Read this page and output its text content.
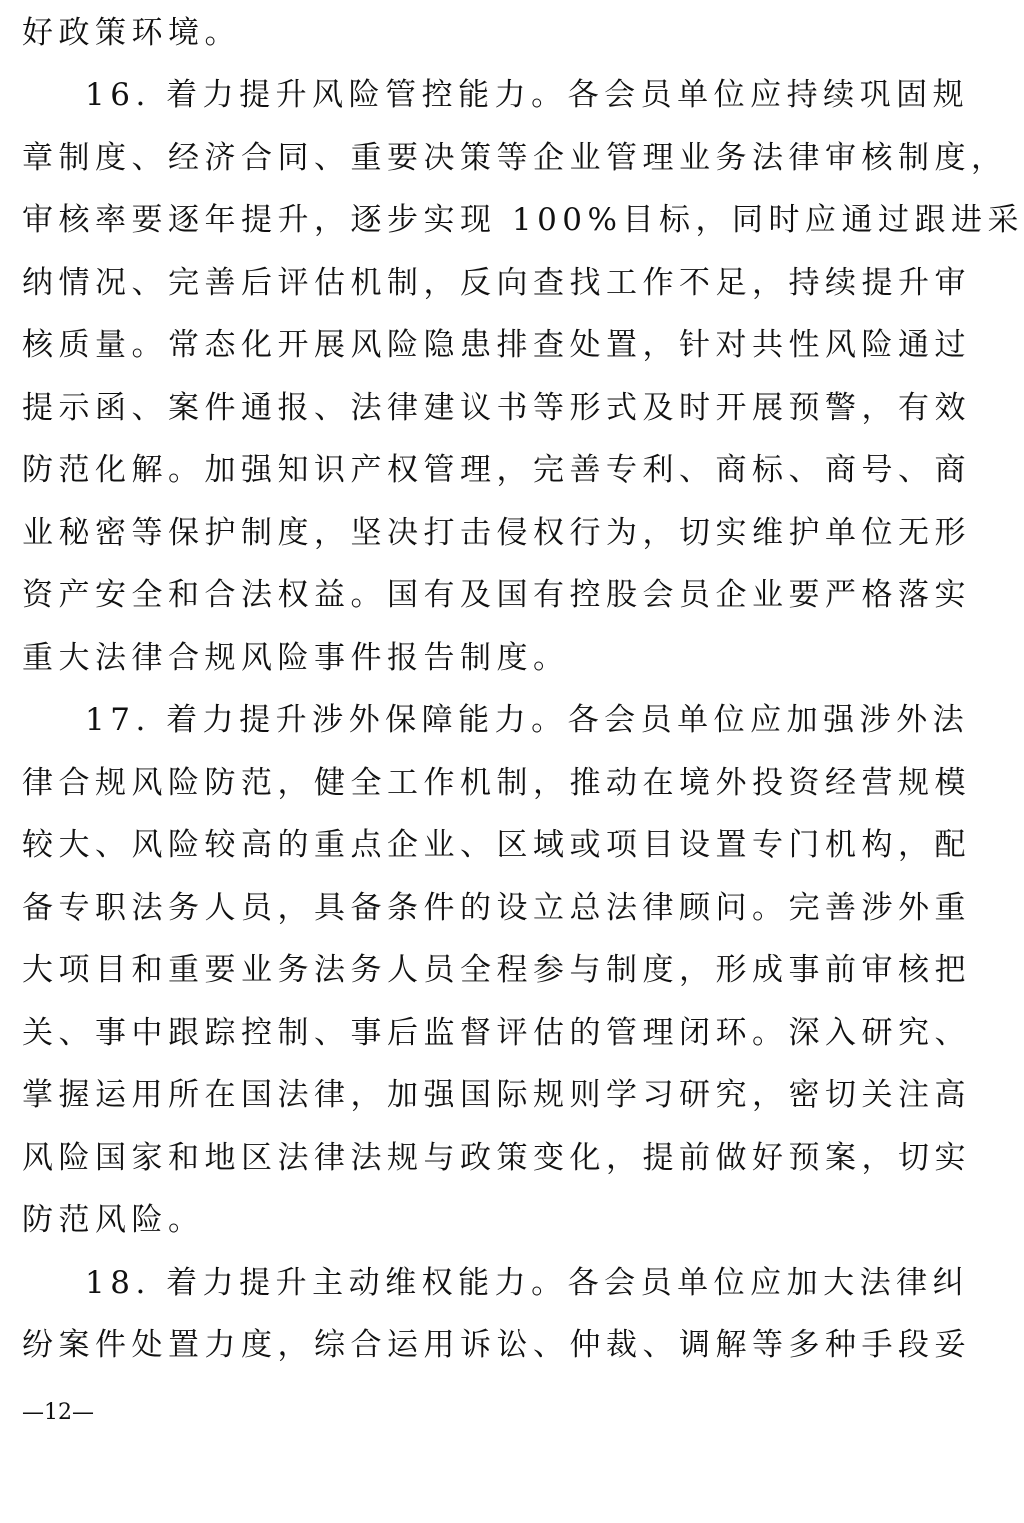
好政策环境。
16. 着力提升风险管控能力。各会员单位应持续巩固规
章制度、经济合同、重要决策等企业管理业务法律审核制度，
审核率要逐年提升，逐步实现 100%目标，同时应通过跟进采
纳情况、完善后评估机制，反向查找工作不足，持续提升审
核质量。常态化开展风险隐患排查处置，针对共性风险通过
提示函、案件通报、法律建议书等形式及时开展预警，有效
防范化解。加强知识产权管理，完善专利、商标、商号、商
业秘密等保护制度，坚决打击侵权行为，切实维护单位无形
资产安全和合法权益。国有及国有控股会员企业要严格落实
重大法律合规风险事件报告制度。
17. 着力提升涉外保障能力。各会员单位应加强涉外法
律合规风险防范，健全工作机制，推动在境外投资经营规模
较大、风险较高的重点企业、区域或项目设置专门机构，配
备专职法务人员，具备条件的设立总法律顾问。完善涉外重
大项目和重要业务法务人员全程参与制度，形成事前审核把
关、事中跟踪控制、事后监督评估的管理闭环。深入研究、
掌握运用所在国法律，加强国际规则学习研究，密切关注高
风险国家和地区法律法规与政策变化，提前做好预案，切实
防范风险。
18. 着力提升主动维权能力。各会员单位应加大法律纠
纷案件处置力度，综合运用诉讼、仲裁、调解等多种手段妥
—12—
